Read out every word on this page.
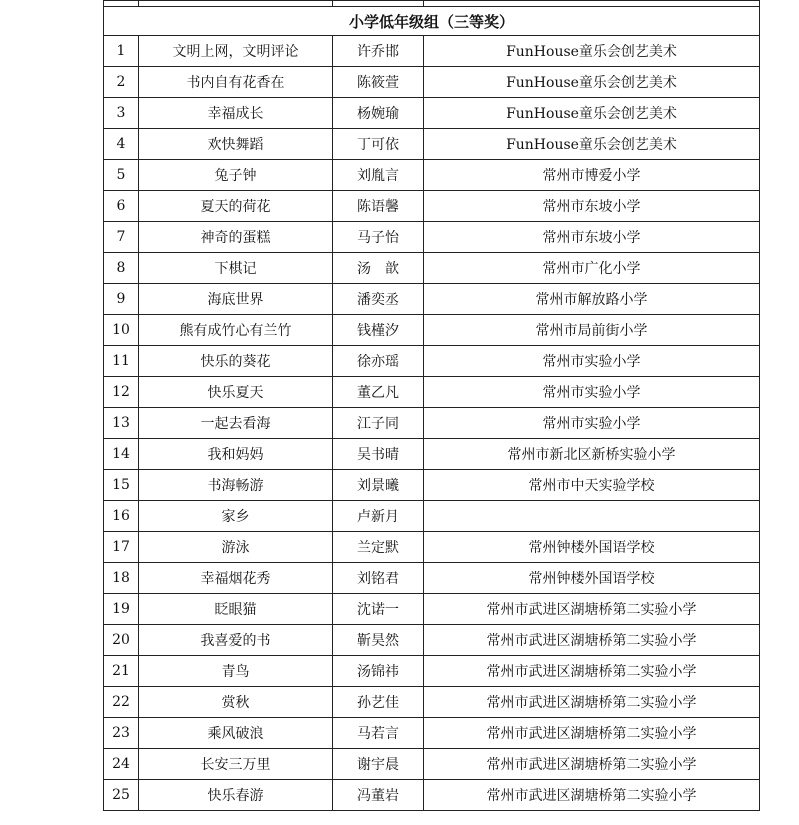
小学低年级组（三等奖）			
1	文明上网，文明评论	许乔邯	FunHouse童乐会创艺美术
2	书内自有花香在	陈筱萱	FunHouse童乐会创艺美术
3	幸福成长	杨婉瑜	FunHouse童乐会创艺美术
4	欢快舞蹈	丁可依	FunHouse童乐会创艺美术
5	兔子钟	刘胤言	常州市博爱小学
6	夏天的荷花	陈语馨	常州市东坡小学
7	神奇的蛋糕	马子怡	常州市东坡小学
8	下棋记	汤　歆	常州市广化小学
9	海底世界	潘奕丞	常州市解放路小学
10	熊有成竹心有兰竹	钱槿汐	常州市局前街小学
11	快乐的葵花	徐亦瑶	常州市实验小学
12	快乐夏天	董乙凡	常州市实验小学
13	一起去看海	江子同	常州市实验小学
14	我和妈妈	吴书晴	常州市新北区新桥实验小学
15	书海畅游	刘景曦	常州市中天实验学校
16	家乡	卢新月	
17	游泳	兰定默	常州钟楼外国语学校
18	幸福烟花秀	刘铭君	常州钟楼外国语学校
19	眨眼猫	沈诺一	常州市武进区湖塘桥第二实验小学
20	我喜爱的书	靳昊然	常州市武进区湖塘桥第二实验小学
21	青鸟	汤锦祎	常州市武进区湖塘桥第二实验小学
22	赏秋	孙艺佳	常州市武进区湖塘桥第二实验小学
23	乘风破浪	马若言	常州市武进区湖塘桥第二实验小学
24	长安三万里	谢宇晨	常州市武进区湖塘桥第二实验小学
25	快乐春游	冯董岩	常州市武进区湖塘桥第二实验小学
